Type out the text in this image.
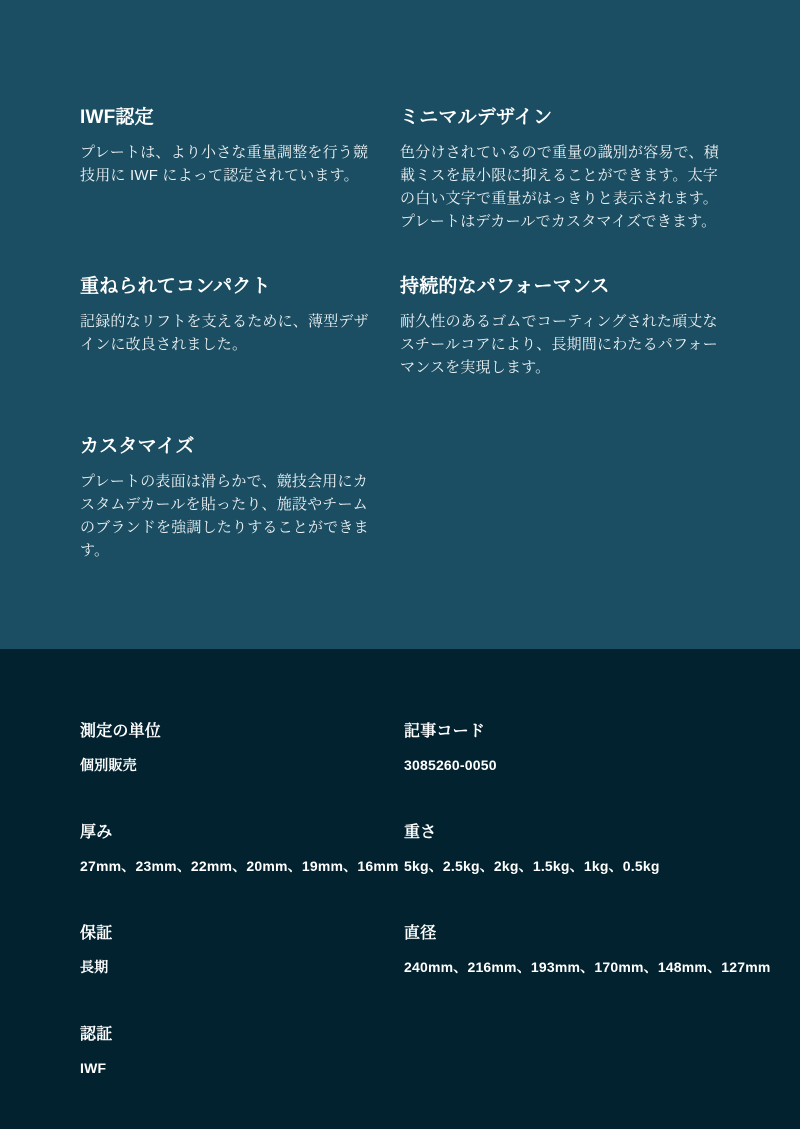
IWF認定

プレートは、より小さな重量調整を行う競技用に IWF によって認定されています。

ミニマルデザイン

色分けされているので重量の識別が容易で、積載ミスを最小限に抑えることができます。太字の白い文字で重量がはっきりと表示されます。プレートはデカールでカスタマイズできます。

重ねられてコンパクト

記録的なリフトを支えるために、薄型デザインに改良されました。

持続的なパフォーマンス

耐久性のあるゴムでコーティングされた頑丈なスチールコアにより、長期間にわたるパフォーマンスを実現します。

カスタマイズ

プレートの表面は滑らかで、競技会用にカスタムデカールを貼ったり、施設やチームのブランドを強調したりすることができます。

測定の単位

個別販売

記事コード

3085260-0050

厚み

27mm、23mm、22mm、20mm、19mm、16mm

重さ

5kg、2.5kg、2kg、1.5kg、1kg、0.5kg

保証

長期

直径

240mm、216mm、193mm、170mm、148mm、127mm

認証

IWF
